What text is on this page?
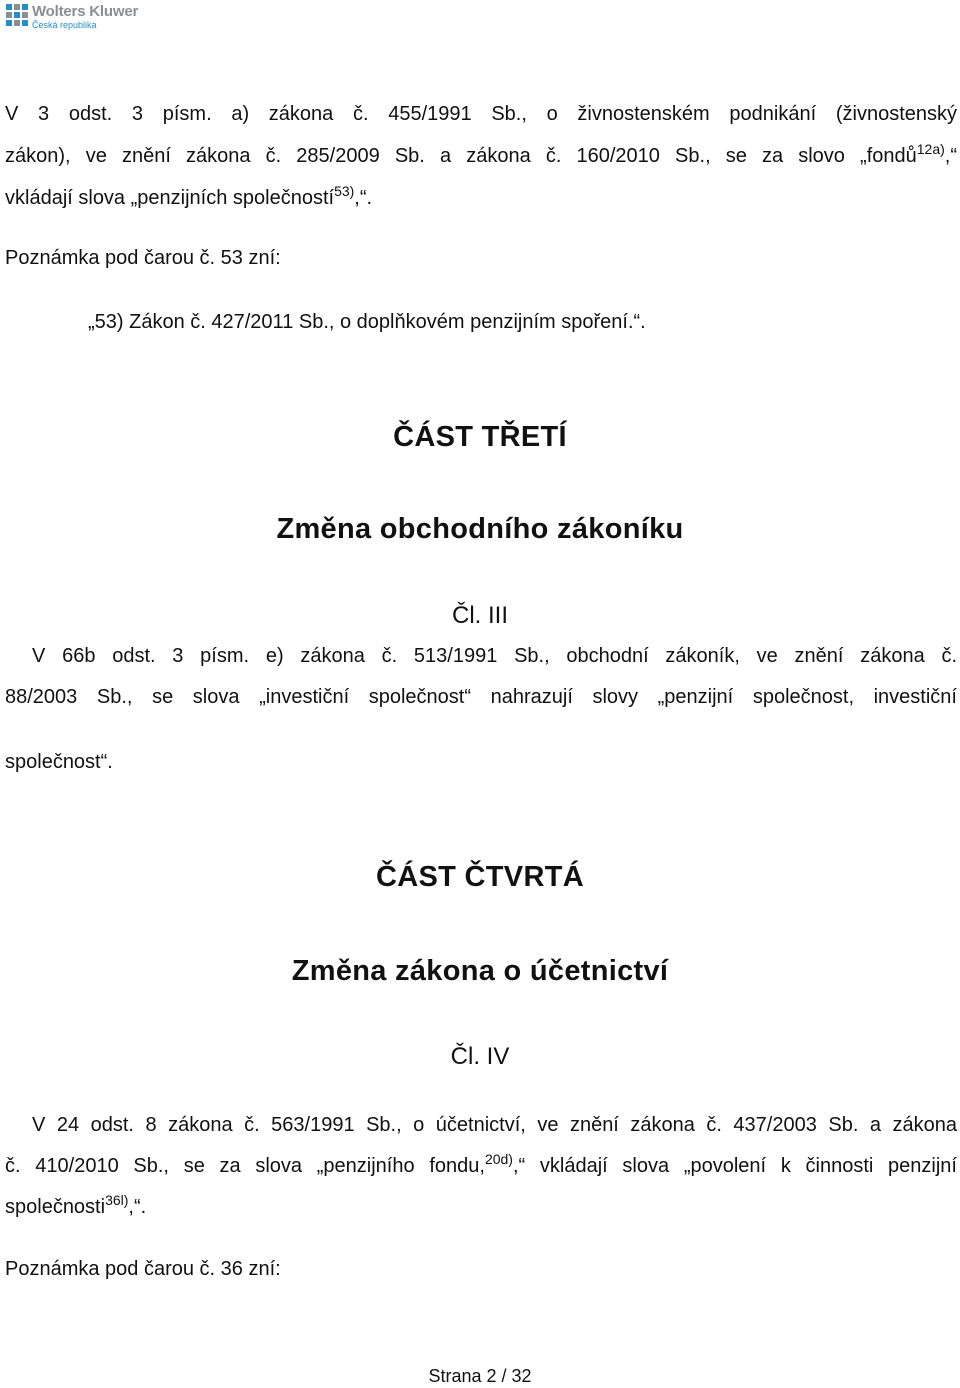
Wolters Kluwer
Česká republika
V 3 odst. 3 písm. a) zákona č. 455/1991 Sb., o živnostenském podnikání (živnostenský
zákon), ve znění zákona č. 285/2009 Sb. a zákona č. 160/2010 Sb., se za slovo „fondů$^{12a)}$,“
vkládají slova „penzijních společností$^{53)}$,“.
Poznámka pod čarou č. 53 zní:
„53) Zákon č. 427/2011 Sb., o doplňkovém penzijním spoření.“.
ČÁST TŘETÍ
Změna obchodního zákoníku
Čl. III
V 66b odst. 3 písm. e) zákona č. 513/1991 Sb., obchodní zákoník, ve znění zákona č.
88/2003 Sb., se slova „investiční společnost“ nahrazují slovy „penzijní společnost, investiční
společnost“.
ČÁST ČTVRTÁ
Změna zákona o účetnictví
Čl. IV
V 24 odst. 8 zákona č. 563/1991 Sb., o účetnictví, ve znění zákona č. 437/2003 Sb. a zákona
č. 410/2010 Sb., se za slova „penzijního fondu,$^{20d)}$,“ vkládají slova „povolení k činnosti penzijní
společnosti$^{36l)}$,“.
Poznámka pod čarou č. 36 zní:
Strana 2 / 32
